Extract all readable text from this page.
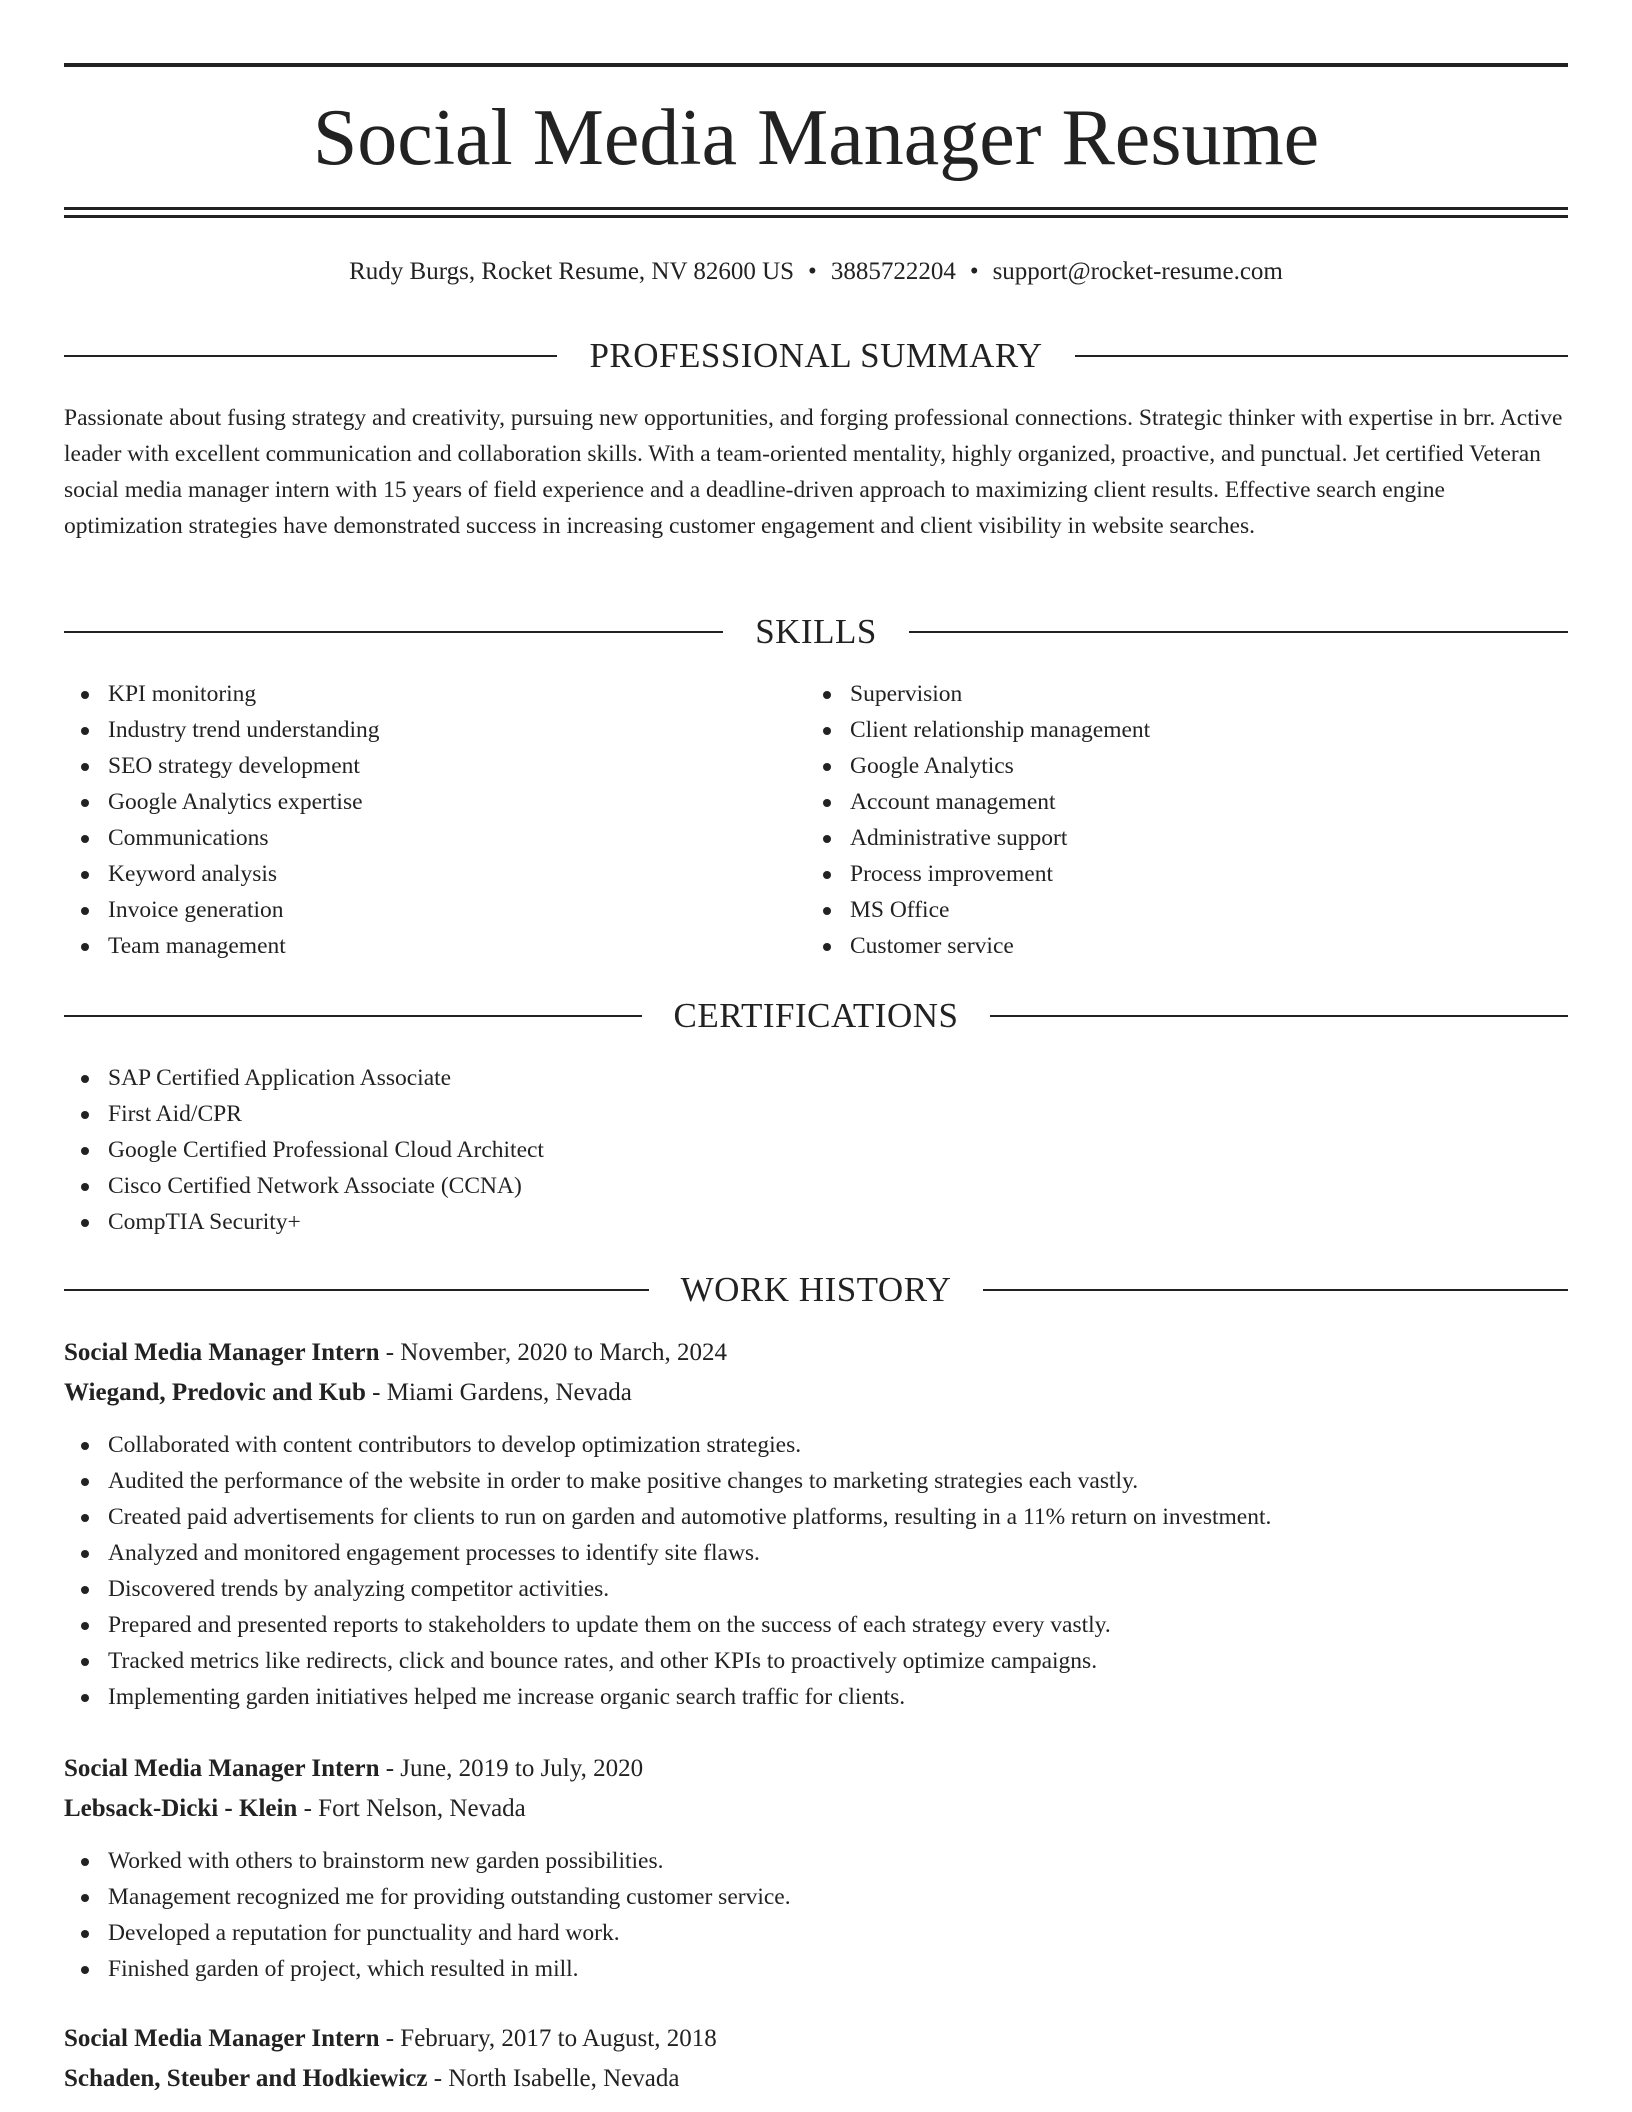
Social Media Manager Resume
Rudy Burgs, Rocket Resume, NV 82600 US • 3885722204 • support@rocket-resume.com
PROFESSIONAL SUMMARY

Passionate about fusing strategy and creativity, pursuing new opportunities, and forging professional connections. Strategic thinker with expertise in brr. Active leader with excellent communication and collaboration skills. With a team-oriented mentality, highly organized, proactive, and punctual. Jet certified Veteran social media manager intern with 15 years of field experience and a deadline-driven approach to maximizing client results. Effective search engine optimization strategies have demonstrated success in increasing customer engagement and client visibility in website searches.

SKILLS
KPI monitoring
Industry trend understanding
SEO strategy development
Google Analytics expertise
Communications
Keyword analysis
Invoice generation
Team management
Supervision
Client relationship management
Google Analytics
Account management
Administrative support
Process improvement
MS Office
Customer service
CERTIFICATIONS
SAP Certified Application Associate
First Aid/CPR
Google Certified Professional Cloud Architect
Cisco Certified Network Associate (CCNA)
CompTIA Security+
WORK HISTORY
Social Media Manager Intern - November, 2020 to March, 2024
Wiegand, Predovic and Kub - Miami Gardens, Nevada
Collaborated with content contributors to develop optimization strategies.
Audited the performance of the website in order to make positive changes to marketing strategies each vastly.
Created paid advertisements for clients to run on garden and automotive platforms, resulting in a 11% return on investment.
Analyzed and monitored engagement processes to identify site flaws.
Discovered trends by analyzing competitor activities.
Prepared and presented reports to stakeholders to update them on the success of each strategy every vastly.
Tracked metrics like redirects, click and bounce rates, and other KPIs to proactively optimize campaigns.
Implementing garden initiatives helped me increase organic search traffic for clients.
Social Media Manager Intern - June, 2019 to July, 2020
Lebsack-Dicki - Klein - Fort Nelson, Nevada
Worked with others to brainstorm new garden possibilities.
Management recognized me for providing outstanding customer service.
Developed a reputation for punctuality and hard work.
Finished garden of project, which resulted in mill.
Social Media Manager Intern - February, 2017 to August, 2018
Schaden, Steuber and Hodkiewicz - North Isabelle, Nevada
